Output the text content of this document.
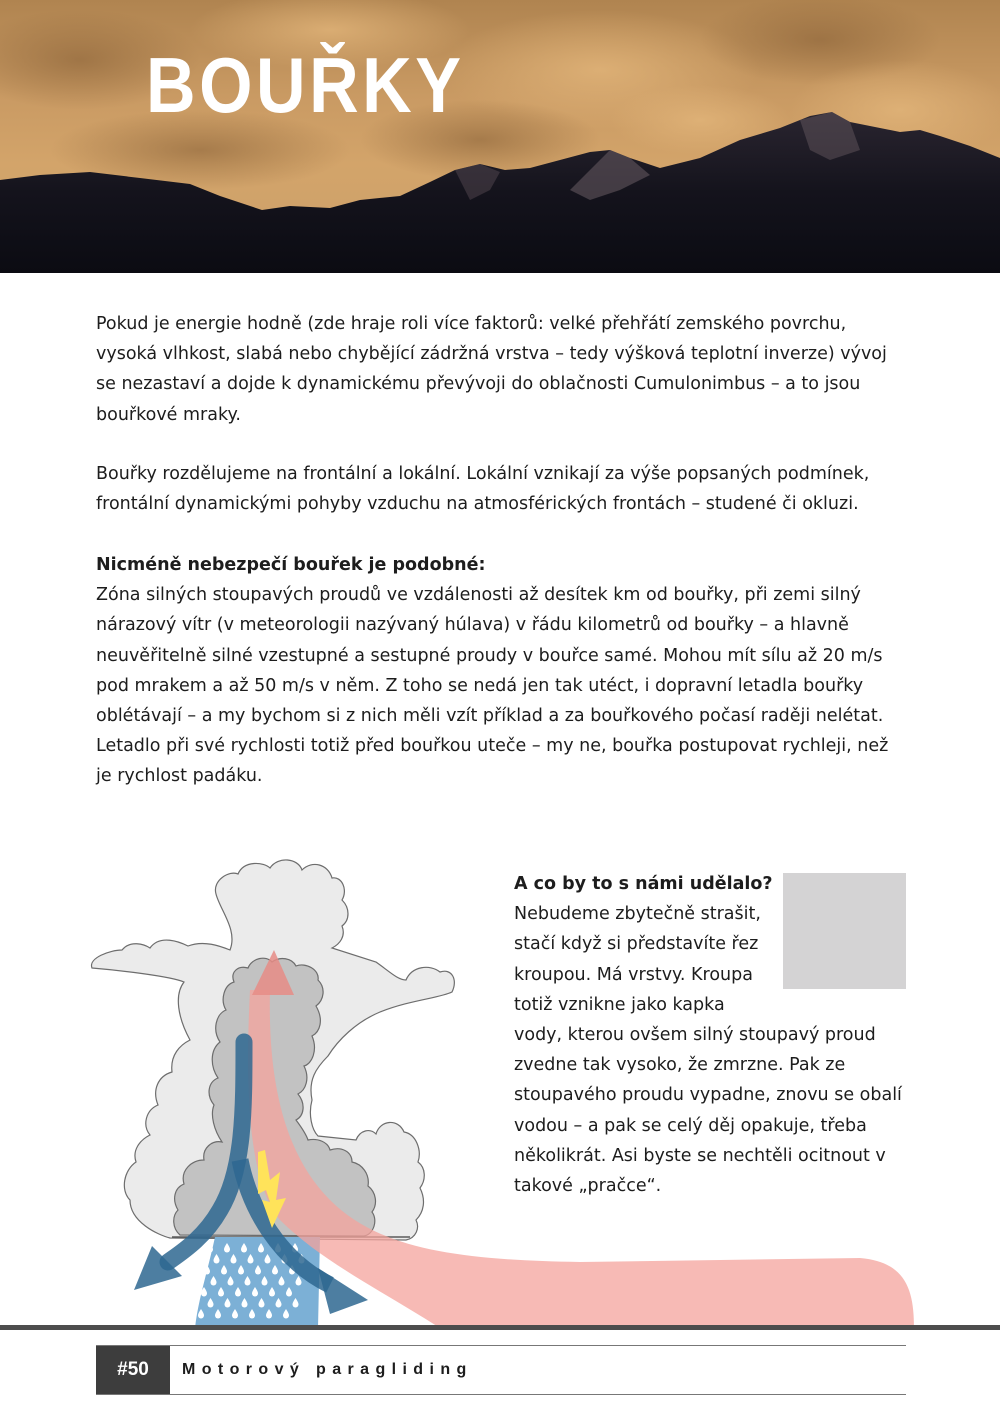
BOUŘKY

Pokud je energie hodně (zde hraje roli více faktorů: velké přehřátí zemského povrchu, vysoká vlhkost, slabá nebo chybějící zádržná vrstva – tedy výšková teplotní inverze) vývoj se nezastaví a dojde k dynamickému převývoji do oblačnosti Cumulonimbus – a to jsou bouřkové mraky.

Bouřky rozdělujeme na frontální a lokální. Lokální vznikají za výše popsaných podmínek, frontální dynamickými pohyby vzduchu na atmosférických frontách – studené či okluzi.

Nicméně nebezpečí bouřek je podobné:

Zóna silných stoupavých proudů ve vzdálenosti až desítek km od bouřky, při zemi silný nárazový vítr (v meteorologii nazývaný húlava) v řádu kilometrů od bouřky – a hlavně neuvěřitelně silné vzestupné a sestupné proudy v bouřce samé. Mohou mít sílu až 20 m/s pod mrakem a až 50 m/s v něm. Z toho se nedá jen tak utéct, i dopravní letadla bouřky oblétávají – a my bychom si z nich měli vzít příklad a za bouřkového počasí raději nelétat. Letadlo při své rychlosti totiž před bouřkou uteče – my ne, bouřka postupovat rychleji, než je rychlost padáku.

A co by to s námi udělalo?
Nebudeme zbytečně strašit,
stačí když si představíte řez
kroupou. Má vrstvy. Kroupa
totiž vznikne jako kapka
vody, kterou ovšem silný stoupavý proud
zvedne tak vysoko, že zmrzne. Pak ze
stoupavého proudu vypadne, znovu se obalí
vodou – a pak se celý děj opakuje, třeba
několikrát. Asi byste se nechtěli ocitnout v
takové „pračce“.
#50	Motorový paragliding
